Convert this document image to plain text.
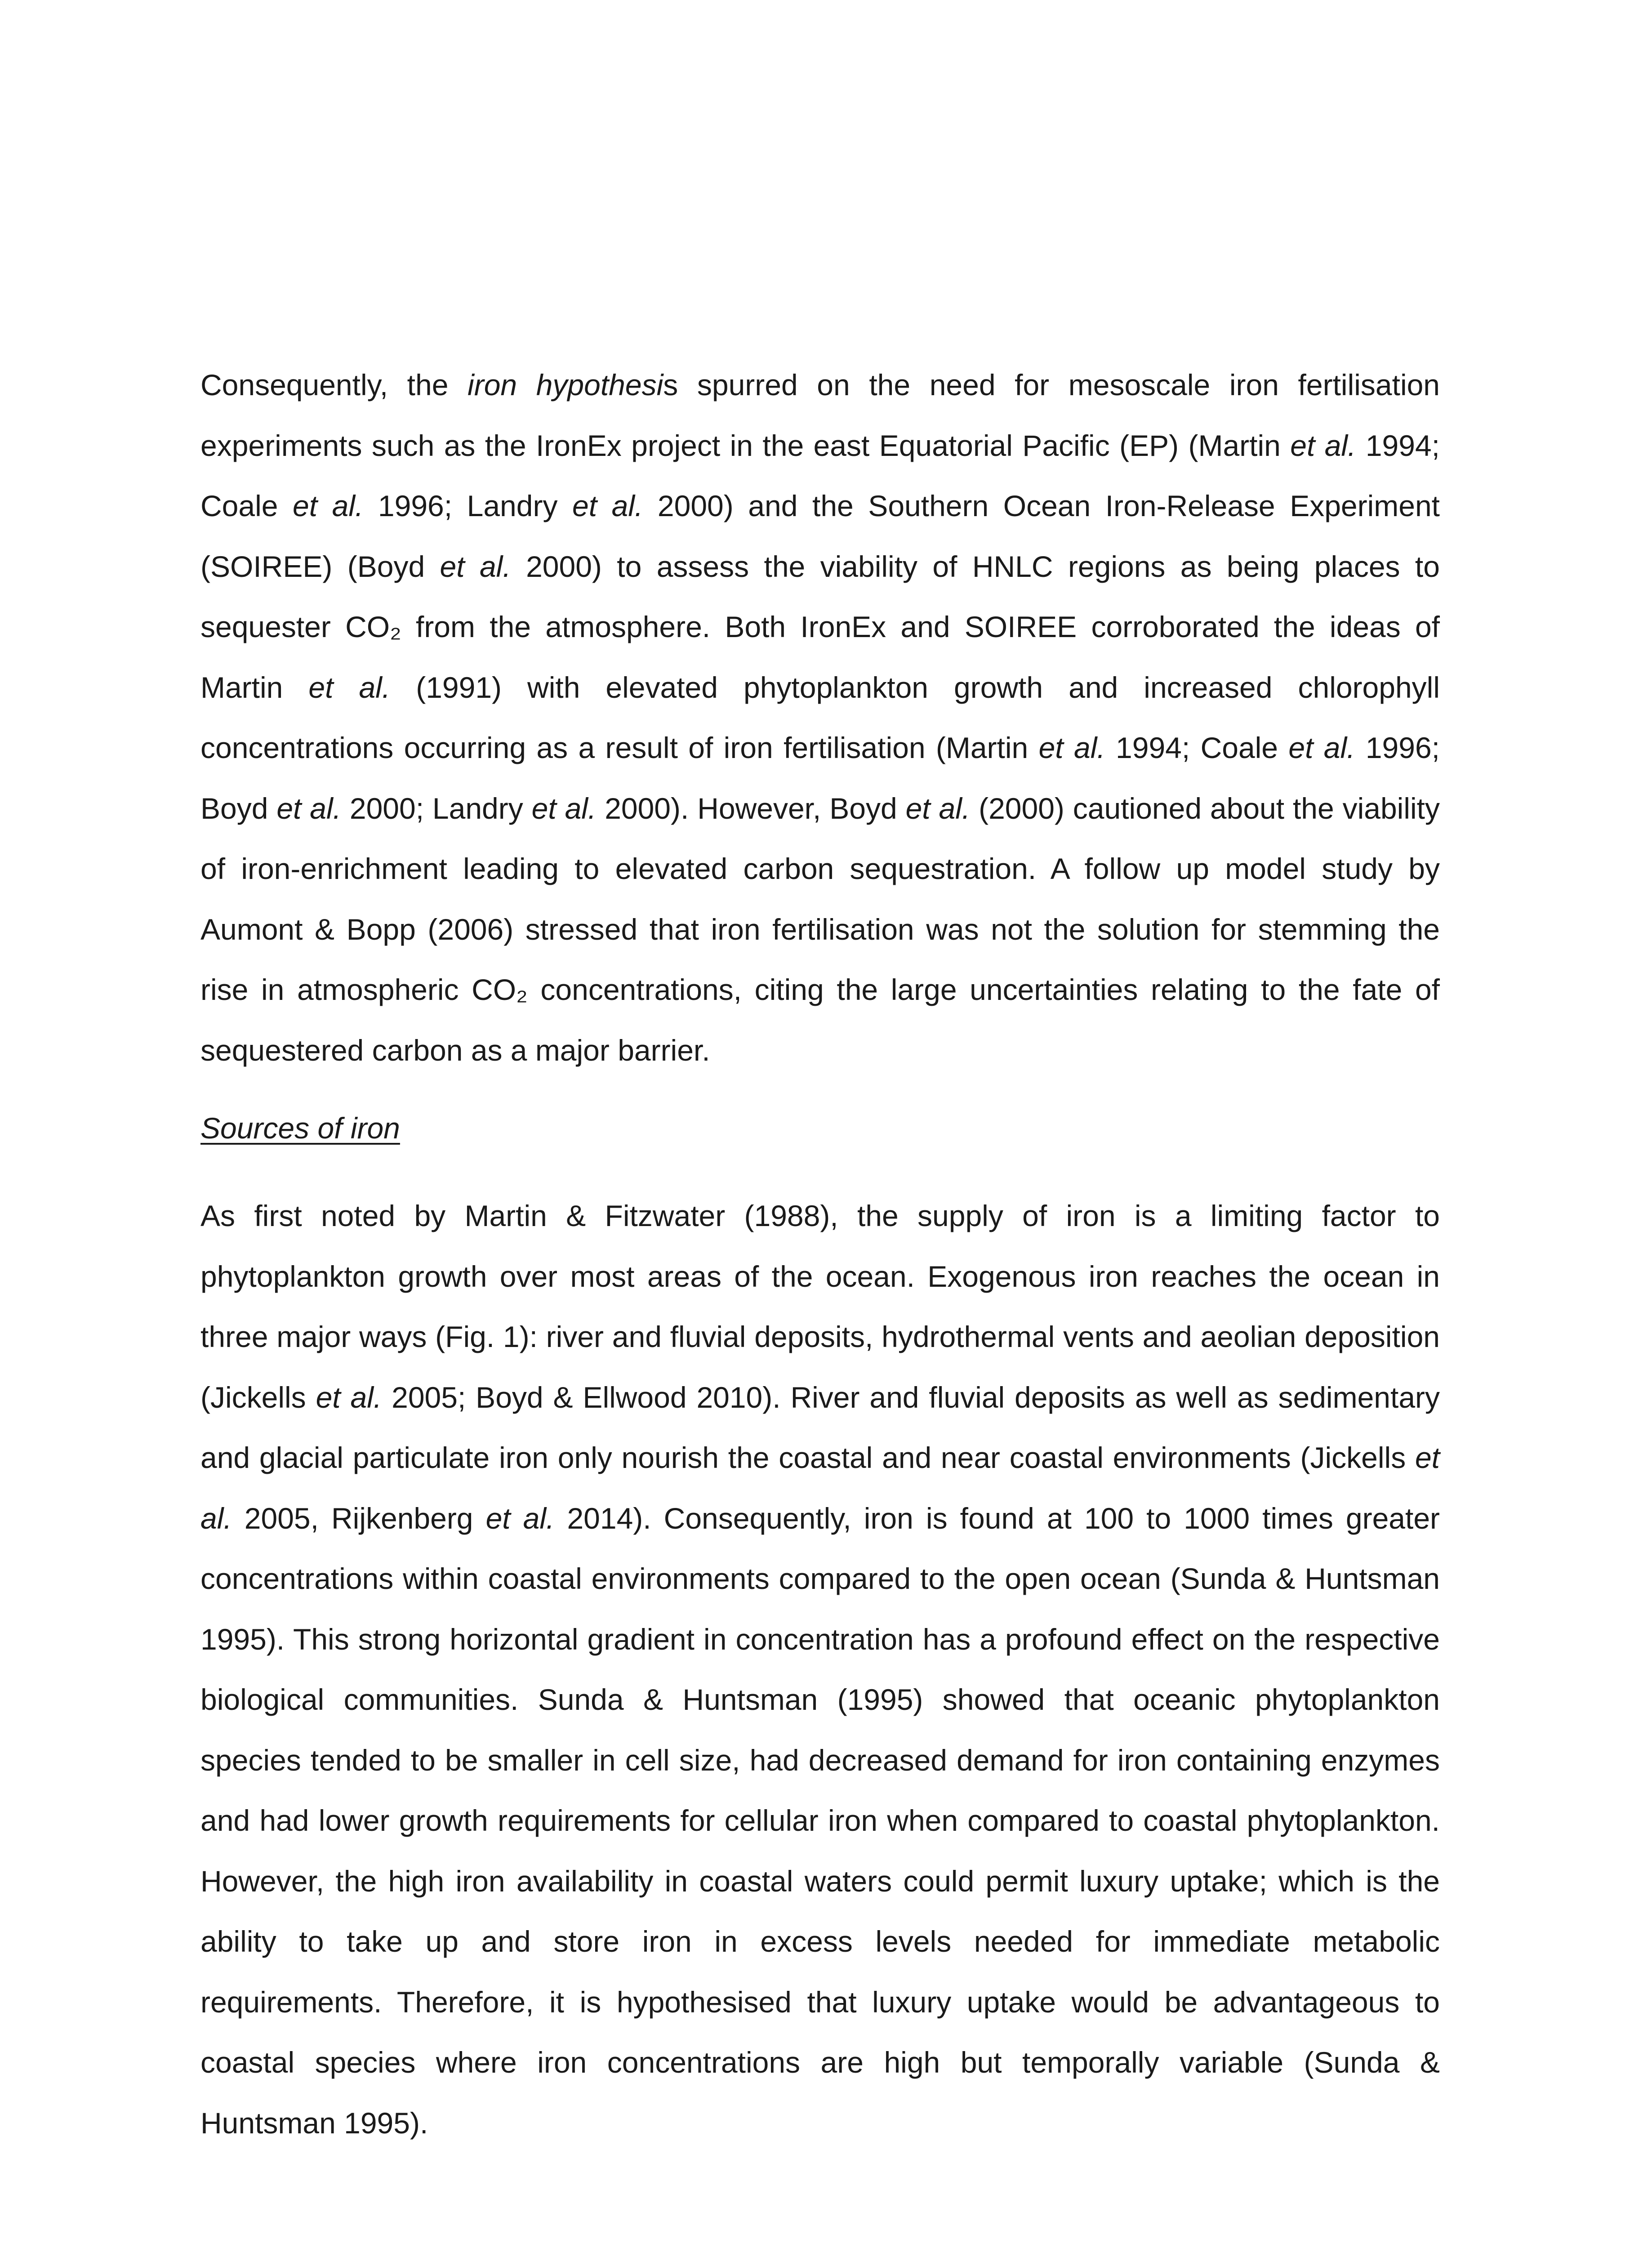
Consequently, the iron hypothesis spurred on the need for mesoscale iron fertilisation experiments such as the IronEx project in the east Equatorial Pacific (EP) (Martin et al. 1994; Coale et al. 1996; Landry et al. 2000) and the Southern Ocean Iron-Release Experiment (SOIREE) (Boyd et al. 2000) to assess the viability of HNLC regions as being places to sequester CO₂ from the atmosphere. Both IronEx and SOIREE corroborated the ideas of Martin et al. (1991) with elevated phytoplankton growth and increased chlorophyll concentrations occurring as a result of iron fertilisation (Martin et al. 1994; Coale et al. 1996; Boyd et al. 2000; Landry et al. 2000). However, Boyd et al. (2000) cautioned about the viability of iron-enrichment leading to elevated carbon sequestration. A follow up model study by Aumont & Bopp (2006) stressed that iron fertilisation was not the solution for stemming the rise in atmospheric CO₂ concentrations, citing the large uncertainties relating to the fate of sequestered carbon as a major barrier.

Sources of iron

As first noted by Martin & Fitzwater (1988), the supply of iron is a limiting factor to phytoplankton growth over most areas of the ocean. Exogenous iron reaches the ocean in three major ways (Fig. 1): river and fluvial deposits, hydrothermal vents and aeolian deposition (Jickells et al. 2005; Boyd & Ellwood 2010). River and fluvial deposits as well as sedimentary and glacial particulate iron only nourish the coastal and near coastal environments (Jickells et al. 2005, Rijkenberg et al. 2014). Consequently, iron is found at 100 to 1000 times greater concentrations within coastal environments compared to the open ocean (Sunda & Huntsman 1995). This strong horizontal gradient in concentration has a profound effect on the respective biological communities. Sunda & Huntsman (1995) showed that oceanic phytoplankton species tended to be smaller in cell size, had decreased demand for iron containing enzymes and had lower growth requirements for cellular iron when compared to coastal phytoplankton. However, the high iron availability in coastal waters could permit luxury uptake; which is the ability to take up and store iron in excess levels needed for immediate metabolic requirements. Therefore, it is hypothesised that luxury uptake would be advantageous to coastal species where iron concentrations are high but temporally variable (Sunda & Huntsman 1995).
